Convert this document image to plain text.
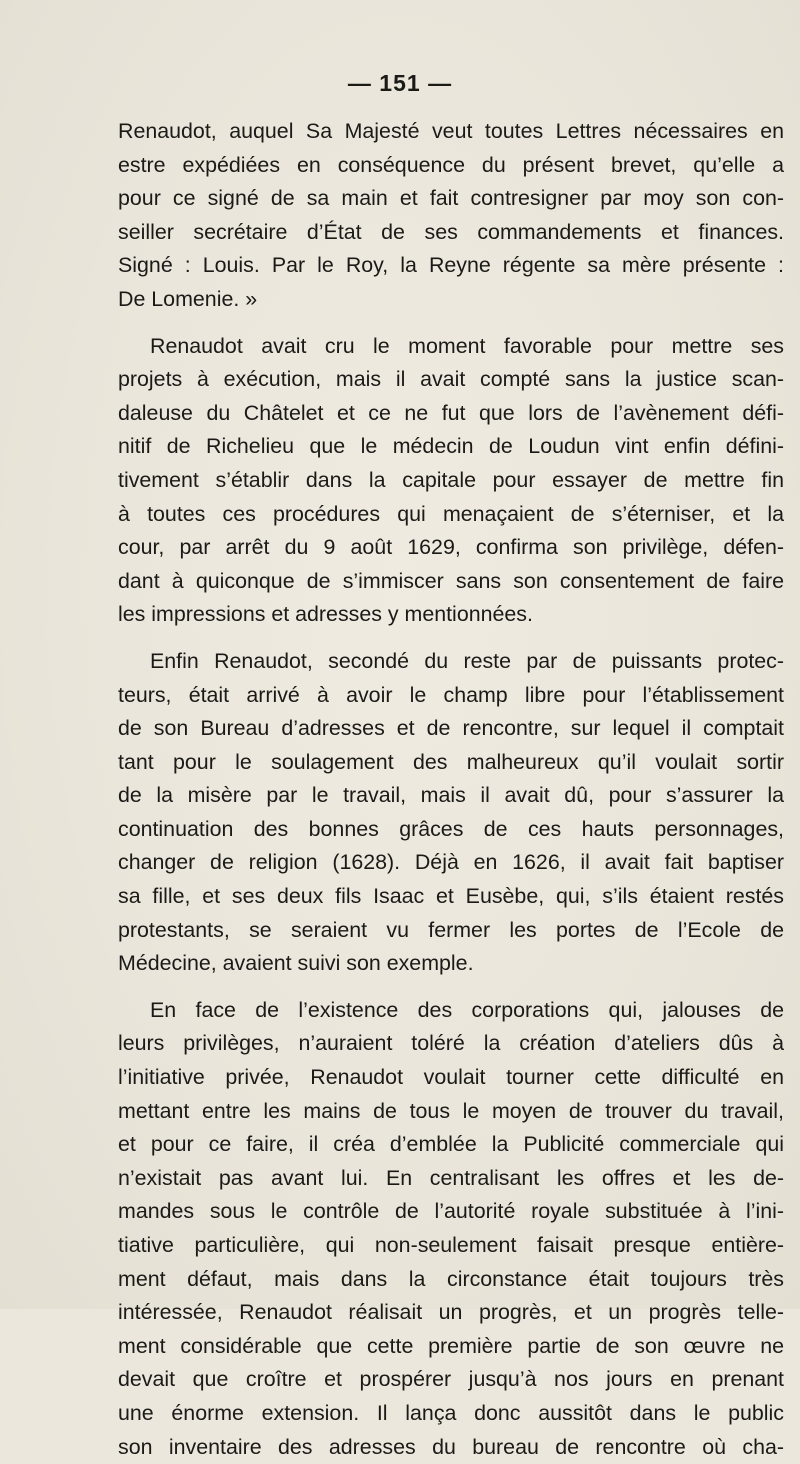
— 151 —

Renaudot, auquel Sa Majesté veut toutes Lettres nécessaires en
estre expédiées en conséquence du présent brevet, qu’elle a
pour ce signé de sa main et fait contresigner par moy son con-
seiller secrétaire d’État de ses commandements et finances.
Signé : Louis. Par le Roy, la Reyne régente sa mère présente :
De Lomenie. »

Renaudot avait cru le moment favorable pour mettre ses
projets à exécution, mais il avait compté sans la justice scan-
daleuse du Châtelet et ce ne fut que lors de l’avènement défi-
nitif de Richelieu que le médecin de Loudun vint enfin défini-
tivement s’établir dans la capitale pour essayer de mettre fin
à toutes ces procédures qui menaçaient de s’éterniser, et la
cour, par arrêt du 9 août 1629, confirma son privilège, défen-
dant à quiconque de s’immiscer sans son consentement de faire
les impressions et adresses y mentionnées.

Enfin Renaudot, secondé du reste par de puissants protec-
teurs, était arrivé à avoir le champ libre pour l’établissement
de son Bureau d’adresses et de rencontre, sur lequel il comptait
tant pour le soulagement des malheureux qu’il voulait sortir
de la misère par le travail, mais il avait dû, pour s’assurer la
continuation des bonnes grâces de ces hauts personnages,
changer de religion (1628). Déjà en 1626, il avait fait baptiser
sa fille, et ses deux fils Isaac et Eusèbe, qui, s’ils étaient restés
protestants, se seraient vu fermer les portes de l’Ecole de
Médecine, avaient suivi son exemple.

En face de l’existence des corporations qui, jalouses de
leurs privilèges, n’auraient toléré la création d’ateliers dûs à
l’initiative privée, Renaudot voulait tourner cette difficulté en
mettant entre les mains de tous le moyen de trouver du travail,
et pour ce faire, il créa d’emblée la Publicité commerciale qui
n’existait pas avant lui. En centralisant les offres et les de-
mandes sous le contrôle de l’autorité royale substituée à l’ini-
tiative particulière, qui non-seulement faisait presque entière-
ment défaut, mais dans la circonstance était toujours très
intéressée, Renaudot réalisait un progrès, et un progrès telle-
ment considérable que cette première partie de son œuvre ne
devait que croître et prospérer jusqu’à nos jours en prenant
une énorme extension. Il lança donc aussitôt dans le public
son inventaire des adresses du bureau de rencontre où cha-
